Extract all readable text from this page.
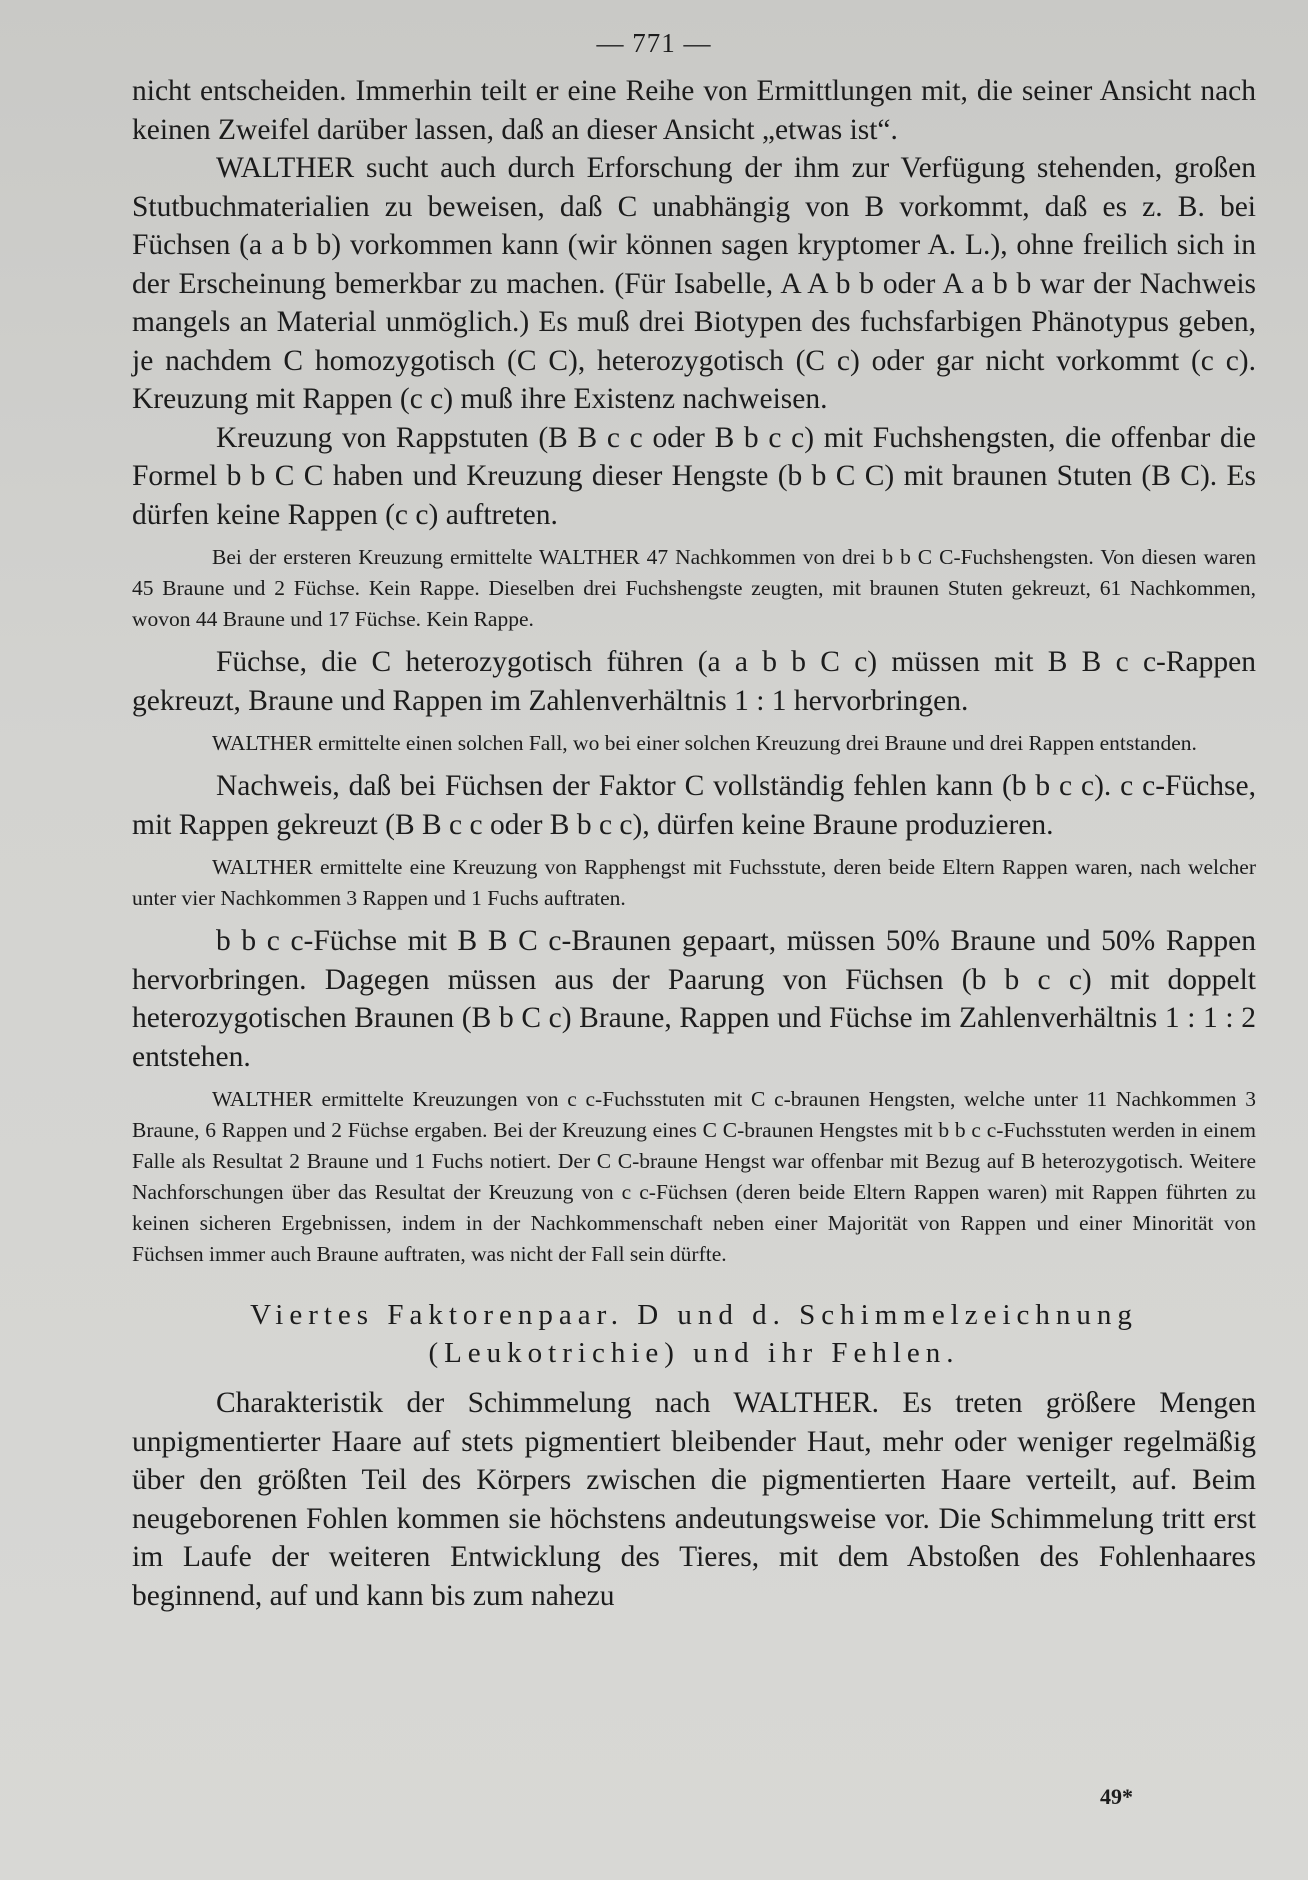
— 771 —

nicht entscheiden. Immerhin teilt er eine Reihe von Ermittlungen mit, die seiner Ansicht nach keinen Zweifel darüber lassen, daß an dieser Ansicht „etwas ist“.

WALTHER sucht auch durch Erforschung der ihm zur Verfügung stehenden, großen Stutbuchmaterialien zu beweisen, daß C unabhängig von B vorkommt, daß es z. B. bei Füchsen (a a b b) vorkommen kann (wir können sagen kryptomer A. L.), ohne freilich sich in der Erscheinung bemerkbar zu machen. (Für Isabelle, A A b b oder A a b b war der Nachweis mangels an Material unmöglich.) Es muß drei Biotypen des fuchsfarbigen Phänotypus geben, je nachdem C homozygotisch (C C), heterozygotisch (C c) oder gar nicht vorkommt (c c). Kreuzung mit Rappen (c c) muß ihre Existenz nachweisen.

Kreuzung von Rappstuten (B B c c oder B b c c) mit Fuchshengsten, die offenbar die Formel b b C C haben und Kreuzung dieser Hengste (b b C C) mit braunen Stuten (B C). Es dürfen keine Rappen (c c) auftreten.

Bei der ersteren Kreuzung ermittelte WALTHER 47 Nachkommen von drei b b C C-Fuchshengsten. Von diesen waren 45 Braune und 2 Füchse. Kein Rappe. Dieselben drei Fuchshengste zeugten, mit braunen Stuten gekreuzt, 61 Nachkommen, wovon 44 Braune und 17 Füchse. Kein Rappe.

Füchse, die C heterozygotisch führen (a a b b C c) müssen mit B B c c-Rappen gekreuzt, Braune und Rappen im Zahlenverhältnis 1 : 1 hervorbringen.

WALTHER ermittelte einen solchen Fall, wo bei einer solchen Kreuzung drei Braune und drei Rappen entstanden.

Nachweis, daß bei Füchsen der Faktor C vollständig fehlen kann (b b c c). c c-Füchse, mit Rappen gekreuzt (B B c c oder B b c c), dürfen keine Braune produzieren.

WALTHER ermittelte eine Kreuzung von Rapphengst mit Fuchsstute, deren beide Eltern Rappen waren, nach welcher unter vier Nachkommen 3 Rappen und 1 Fuchs auftraten.

b b c c-Füchse mit B B C c-Braunen gepaart, müssen 50% Braune und 50% Rappen hervorbringen. Dagegen müssen aus der Paarung von Füchsen (b b c c) mit doppelt heterozygotischen Braunen (B b C c) Braune, Rappen und Füchse im Zahlenverhältnis 1 : 1 : 2 entstehen.

WALTHER ermittelte Kreuzungen von c c-Fuchsstuten mit C c-braunen Hengsten, welche unter 11 Nachkommen 3 Braune, 6 Rappen und 2 Füchse ergaben. Bei der Kreuzung eines C C-braunen Hengstes mit b b c c-Fuchsstuten werden in einem Falle als Resultat 2 Braune und 1 Fuchs notiert. Der C C-braune Hengst war offenbar mit Bezug auf B heterozygotisch. Weitere Nachforschungen über das Resultat der Kreuzung von c c-Füchsen (deren beide Eltern Rappen waren) mit Rappen führten zu keinen sicheren Ergebnissen, indem in der Nachkommenschaft neben einer Majorität von Rappen und einer Minorität von Füchsen immer auch Braune auftraten, was nicht der Fall sein dürfte.

Viertes Faktorenpaar. D und d. Schimmelzeichnung
(Leukotrichie) und ihr Fehlen.

Charakteristik der Schimmelung nach WALTHER. Es treten größere Mengen unpigmentierter Haare auf stets pigmentiert bleibender Haut, mehr oder weniger regelmäßig über den größten Teil des Körpers zwischen die pigmentierten Haare verteilt, auf. Beim neugeborenen Fohlen kommen sie höchstens andeutungsweise vor. Die Schimmelung tritt erst im Laufe der weiteren Entwicklung des Tieres, mit dem Abstoßen des Fohlenhaares beginnend, auf und kann bis zum nahezu

49*
